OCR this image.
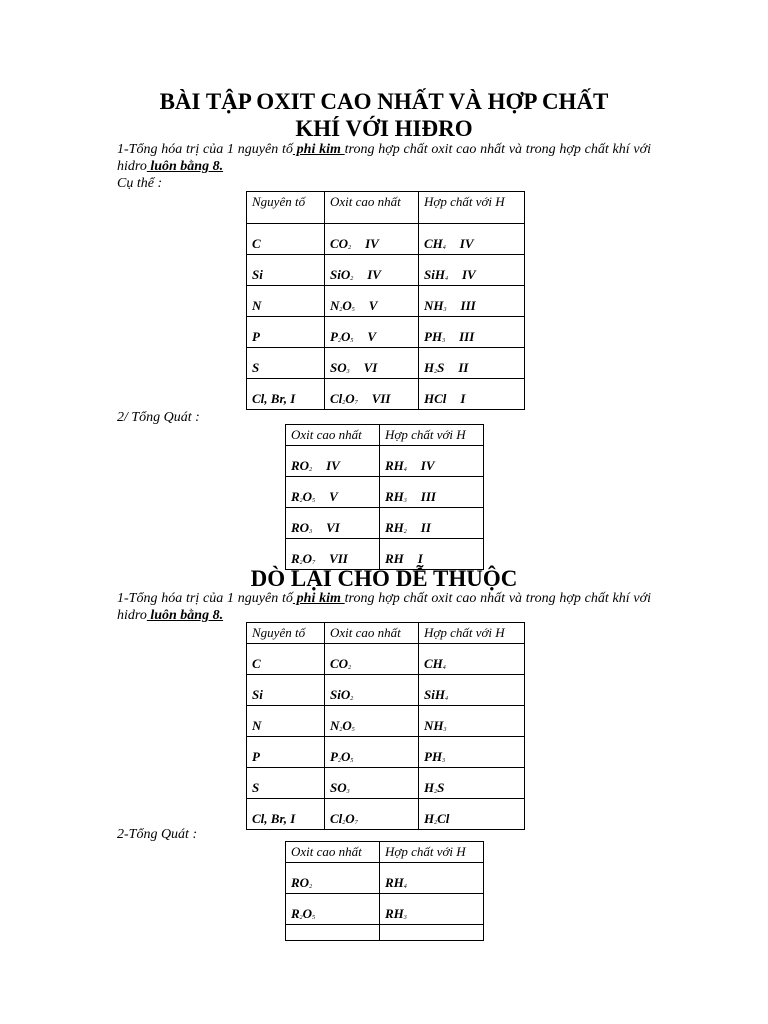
BÀI TẬP OXIT CAO NHẤT VÀ HỢP CHẤT
KHÍ VỚI HIĐRO

1-Tổng hóa trị của 1 nguyên tố phi kim trong hợp chất oxit cao nhất và trong hợp chất khí với hidro luôn bằng 8.

Cụ thể :
Nguyên tố	Oxit cao nhất	Hợp chất với H
C	$CO_2$ IV	$CH_4$ IV
Si	SiO$_2$ IV	SiH$_4$ IV
N	$N_2O_5$ V	$NH_3$ III
P	$P_2O_5$ V	$PH_3$ III
S	$SO_3$ VI	$H_2S$ II
Cl, Br, I	$Cl_2O_7$ VII	HCl I
2/ Tổng Quát :
Oxit cao nhất	Hợp chất với H
$RO_2$ IV	$RH_4$ IV
$R_2O_5$ V	$RH_3$ III
$RO_3$ VI	$RH_2$ II
$R_2O_7$ VII	RH I
DÒ LẠI CHO DỄ THUỘC

1-Tổng hóa trị của 1 nguyên tố phi kim trong hợp chất oxit cao nhất và trong hợp chất khí với hidro luôn bằng 8.

Nguyên tố	Oxit cao nhất	Hợp chất với H
C	$CO_2$	$CH_4$
Si	SiO$_2$	SiH$_4$
N	$N_2O_5$	$NH_3$
P	$P_2O_5$	$PH_3$
S	$SO_3$	$H_2S$
Cl, Br, I	$Cl_2O_7$	$H_2Cl$
2-Tổng Quát :
Oxit cao nhất	Hợp chất với H
$RO_2$	$RH_4$
$R_2O_5$	$RH_3$
